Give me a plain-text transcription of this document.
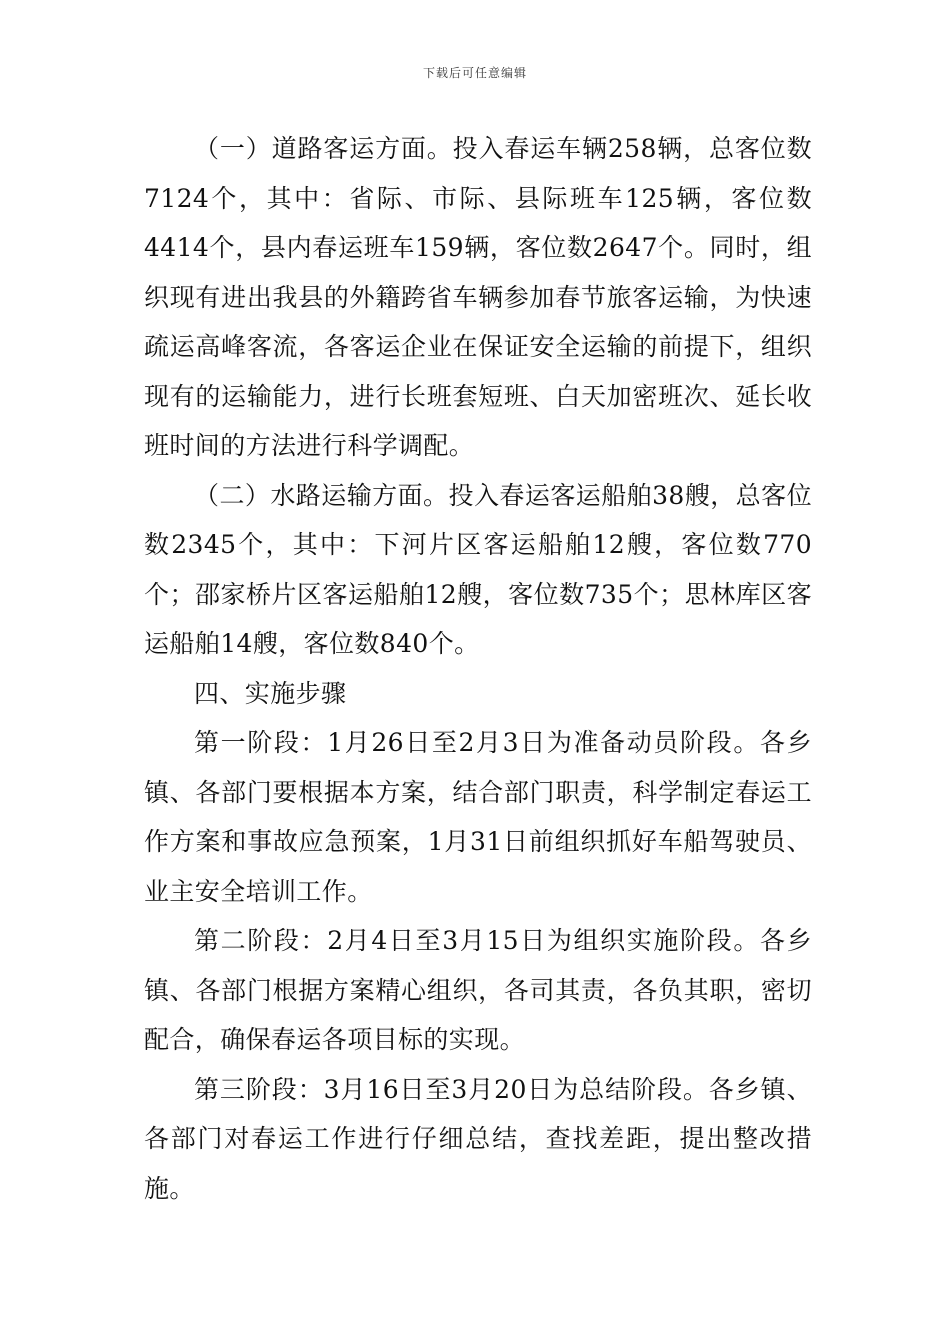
下载后可任意编辑

（一）道路客运方面。投入春运车辆258辆，总客位数7124个，其中：省际、市际、县际班车125辆，客位数4414个，县内春运班车159辆，客位数2647个。同时，组织现有进出我县的外籍跨省车辆参加春节旅客运输，为快速疏运高峰客流，各客运企业在保证安全运输的前提下，组织现有的运输能力，进行长班套短班、白天加密班次、延长收班时间的方法进行科学调配。

（二）水路运输方面。投入春运客运船舶38艘，总客位数2345个，其中：下河片区客运船舶12艘，客位数770个；邵家桥片区客运船舶12艘，客位数735个；思林库区客运船舶14艘，客位数840个。

四、实施步骤

第一阶段：1月26日至2月3日为准备动员阶段。各乡镇、各部门要根据本方案，结合部门职责，科学制定春运工作方案和事故应急预案，1月31日前组织抓好车船驾驶员、业主安全培训工作。

第二阶段：2月4日至3月15日为组织实施阶段。各乡镇、各部门根据方案精心组织，各司其责，各负其职，密切配合，确保春运各项目标的实现。

第三阶段：3月16日至3月20日为总结阶段。各乡镇、各部门对春运工作进行仔细总结，查找差距，提出整改措施。
